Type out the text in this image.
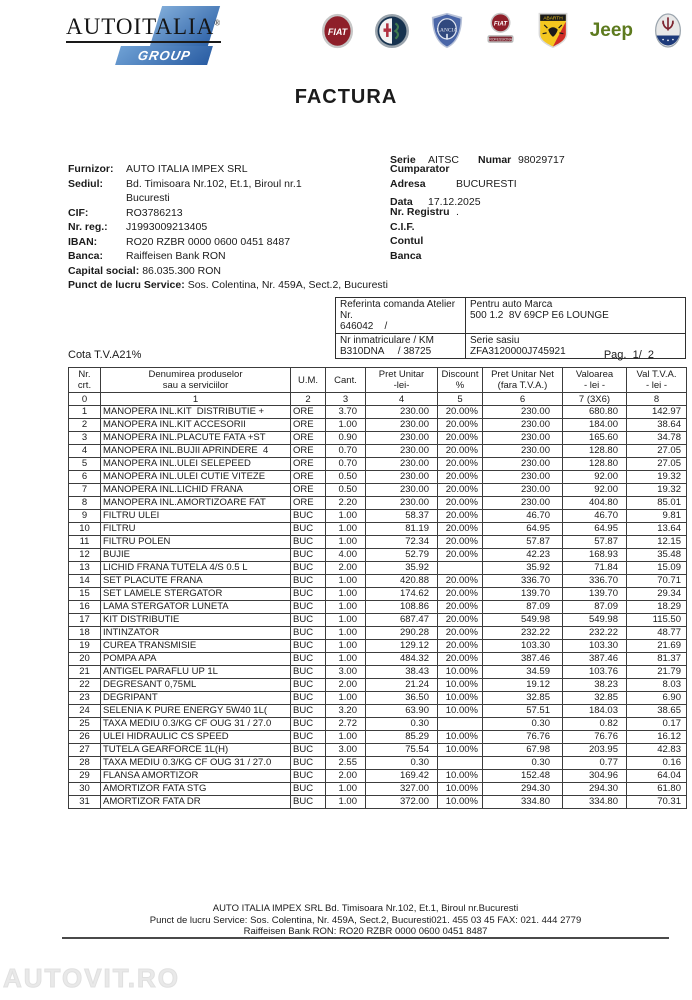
AUTOITALIA®
GROUP
FIAT	LANCIA
FIAT
PROFESSIONAL
ABARTH
Jeep
FACTURA

Serie AITSC Numar 98029717

Data 17.12.2025

Furnizor:	AUTO ITALIA IMPEX SRL
Sediul:	Bd. Timisoara Nr.102, Et.1, Biroul nr.1
Bucuresti
CIF:	RO3786213
Nr. reg.:	J1993009213405
IBAN:	RO20 RZBR 0000 0600 0451 8487
Banca:	Raiffeisen Bank RON
Capital social: 86.035.300 RON
Punct de lucru Service: Sos. Colentina, Nr. 459A, Sect.2, Bucuresti
Cumparator
Adresa	BUCURESTI
Nr. Registru .
C.I.F.
Contul
Banca
Referinta comanda Atelier Nr.
646042    /

Pentru auto Marca
500 1.2  8V 69CP E6 LOUNGE

Nr inmatriculare / KM
B310DNA     / 38725

Serie sasiu
ZFA3120000J745921
Cota T.V.A21%	Pag.  1/  2
Nr.
crt.

Denumirea produselor
sau a serviciilor	U.M.	Cant.	Pret Unitar
-lei-

Discount
%

Pret Unitar Net
(fara T.V.A.)

Valoarea
- lei -

Val T.V.A.
- lei -

0	1	2	3	4	5	6	7 (3X6)	8
1	MANOPERA INL.KIT  DISTRIBUTIE +	ORE	3.70	230.00	20.00%	230.00	680.80	142.97
2	MANOPERA INL.KIT ACCESORII	ORE	1.00	230.00	20.00%	230.00	184.00	38.64
3	MANOPERA INL.PLACUTE FATA +ST	ORE	0.90	230.00	20.00%	230.00	165.60	34.78
4	MANOPERA INL.BUJII APRINDERE  4	ORE	0.70	230.00	20.00%	230.00	128.80	27.05
5	MANOPERA INL.ULEI SELEPEED	ORE	0.70	230.00	20.00%	230.00	128.80	27.05
6	MANOPERA INL.ULEI CUTIE VITEZE	ORE	0.50	230.00	20.00%	230.00	92.00	19.32
7	MANOPERA INL.LICHID FRANA	ORE	0.50	230.00	20.00%	230.00	92.00	19.32
8	MANOPERA INL.AMORTIZOARE FAT	ORE	2.20	230.00	20.00%	230.00	404.80	85.01
9	FILTRU ULEI	BUC	1.00	58.37	20.00%	46.70	46.70	9.81
10	FILTRU	BUC	1.00	81.19	20.00%	64.95	64.95	13.64
11	FILTRU POLEN	BUC	1.00	72.34	20.00%	57.87	57.87	12.15
12	BUJIE	BUC	4.00	52.79	20.00%	42.23	168.93	35.48
13	LICHID FRANA TUTELA 4/S 0.5 L	BUC	2.00	35.92		35.92	71.84	15.09
14	SET PLACUTE FRANA	BUC	1.00	420.88	20.00%	336.70	336.70	70.71
15	SET LAMELE STERGATOR	BUC	1.00	174.62	20.00%	139.70	139.70	29.34
16	LAMA STERGATOR LUNETA	BUC	1.00	108.86	20.00%	87.09	87.09	18.29
17	KIT DISTRIBUTIE	BUC	1.00	687.47	20.00%	549.98	549.98	115.50
18	INTINZATOR	BUC	1.00	290.28	20.00%	232.22	232.22	48.77
19	CUREA TRANSMISIE	BUC	1.00	129.12	20.00%	103.30	103.30	21.69
20	POMPA APA	BUC	1.00	484.32	20.00%	387.46	387.46	81.37
21	ANTIGEL PARAFLU UP 1L	BUC	3.00	38.43	10.00%	34.59	103.76	21.79
22	DEGRESANT 0,75ML	BUC	2.00	21.24	10.00%	19.12	38.23	8.03
23	DEGRIPANT	BUC	1.00	36.50	10.00%	32.85	32.85	6.90
24	SELENIA K PURE ENERGY 5W40 1L(	BUC	3.20	63.90	10.00%	57.51	184.03	38.65
25	TAXA MEDIU 0.3/KG CF OUG 31 / 27.0	BUC	2.72	0.30		0.30	0.82	0.17
26	ULEI HIDRAULIC CS SPEED	BUC	1.00	85.29	10.00%	76.76	76.76	16.12
27	TUTELA GEARFORCE 1L(H)	BUC	3.00	75.54	10.00%	67.98	203.95	42.83
28	TAXA MEDIU 0.3/KG CF OUG 31 / 27.0	BUC	2.55	0.30		0.30	0.77	0.16
29	FLANSA AMORTIZOR	BUC	2.00	169.42	10.00%	152.48	304.96	64.04
30	AMORTIZOR FATA STG	BUC	1.00	327.00	10.00%	294.30	294.30	61.80
31	AMORTIZOR FATA DR	BUC	1.00	372.00	10.00%	334.80	334.80	70.31
AUTO ITALIA IMPEX SRL Bd. Timisoara Nr.102, Et.1, Biroul nr.Bucuresti
Punct de lucru Service: Sos. Colentina, Nr. 459A, Sect.2, Bucuresti021. 455 03 45 FAX: 021. 444 2779
Raiffeisen Bank RON: RO20 RZBR 0000 0600 0451 8487
AUTOVIT.RO
